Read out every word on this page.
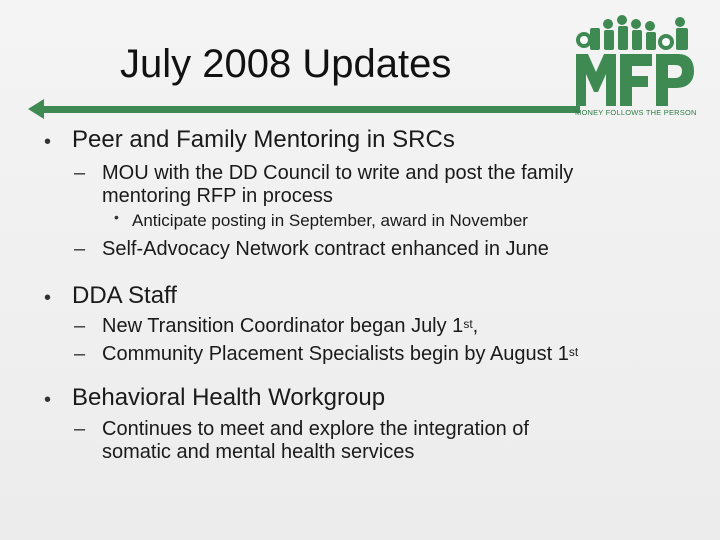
July 2008 Updates
MONEY FOLLOWS THE PERSON
• Peer and Family Mentoring in SRCs
– MOU with the DD Council to write and post the family
mentoring RFP in process
• Anticipate posting in September, award in November
– Self-Advocacy Network contract enhanced in June
• DDA Staff
– New Transition Coordinator began July 1st,
– Community Placement Specialists begin by August 1st
• Behavioral Health Workgroup
– Continues to meet and explore the integration of
somatic and mental health services
